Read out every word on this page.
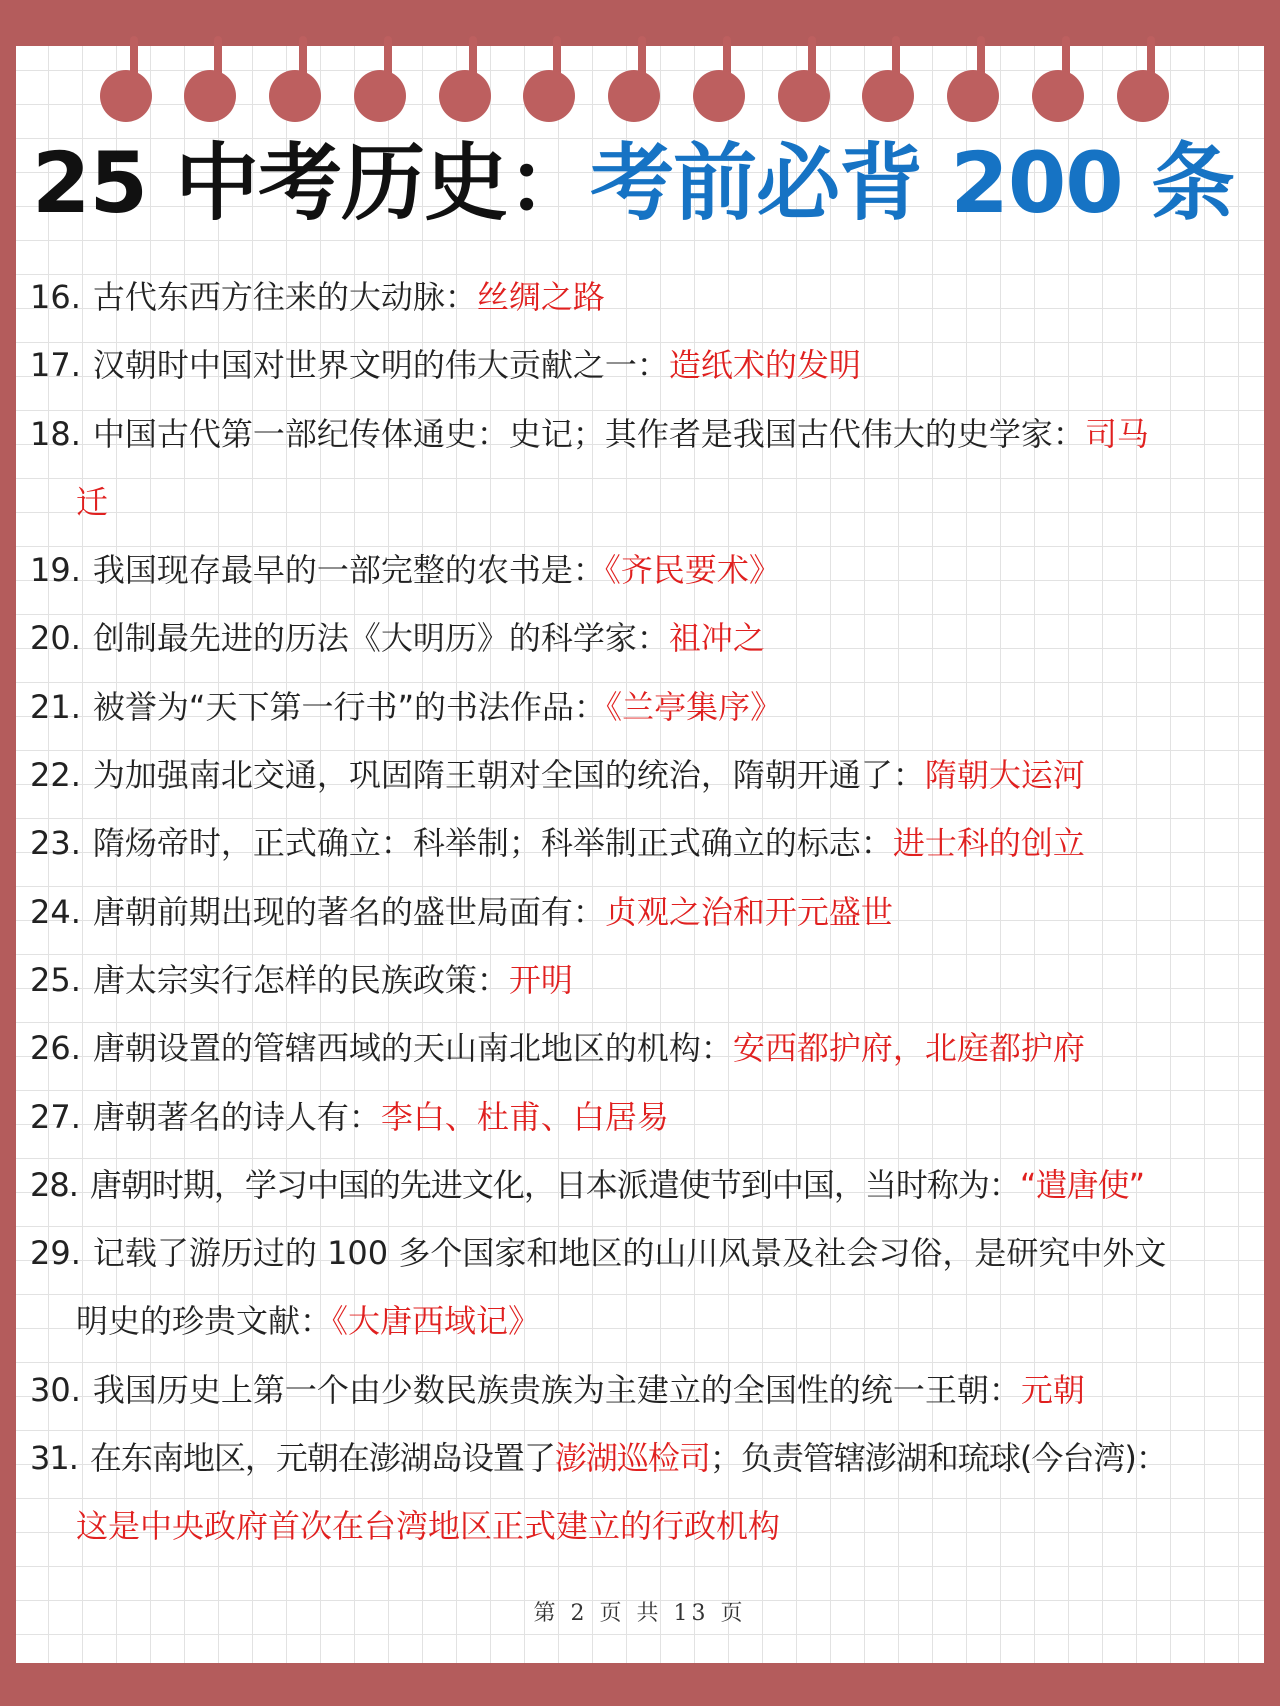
25 中考历史：考前必背 200 条
16. 古代东西方往来的大动脉：丝绸之路
17. 汉朝时中国对世界文明的伟大贡献之一：造纸术的发明
18. 中国古代第一部纪传体通史：史记；其作者是我国古代伟大的史学家：司马
迁
19. 我国现存最早的一部完整的农书是：《齐民要术》
20. 创制最先进的历法《大明历》的科学家：祖冲之
21. 被誉为“天下第一行书”的书法作品：《兰亭集序》
22. 为加强南北交通，巩固隋王朝对全国的统治，隋朝开通了：隋朝大运河
23. 隋炀帝时，正式确立：科举制；科举制正式确立的标志：进士科的创立
24. 唐朝前期出现的著名的盛世局面有：贞观之治和开元盛世
25. 唐太宗实行怎样的民族政策：开明
26. 唐朝设置的管辖西域的天山南北地区的机构：安西都护府，北庭都护府
27. 唐朝著名的诗人有：李白、杜甫、白居易
28. 唐朝时期，学习中国的先进文化，日本派遣使节到中国，当时称为：“遣唐使”
29. 记载了游历过的 100 多个国家和地区的山川风景及社会习俗，是研究中外文
明史的珍贵文献：《大唐西域记》
30. 我国历史上第一个由少数民族贵族为主建立的全国性的统一王朝：元朝
31. 在东南地区，元朝在澎湖岛设置了澎湖巡检司；负责管辖澎湖和琉球(今台湾)：
这是中央政府首次在台湾地区正式建立的行政机构
第 2 页 共 13 页
